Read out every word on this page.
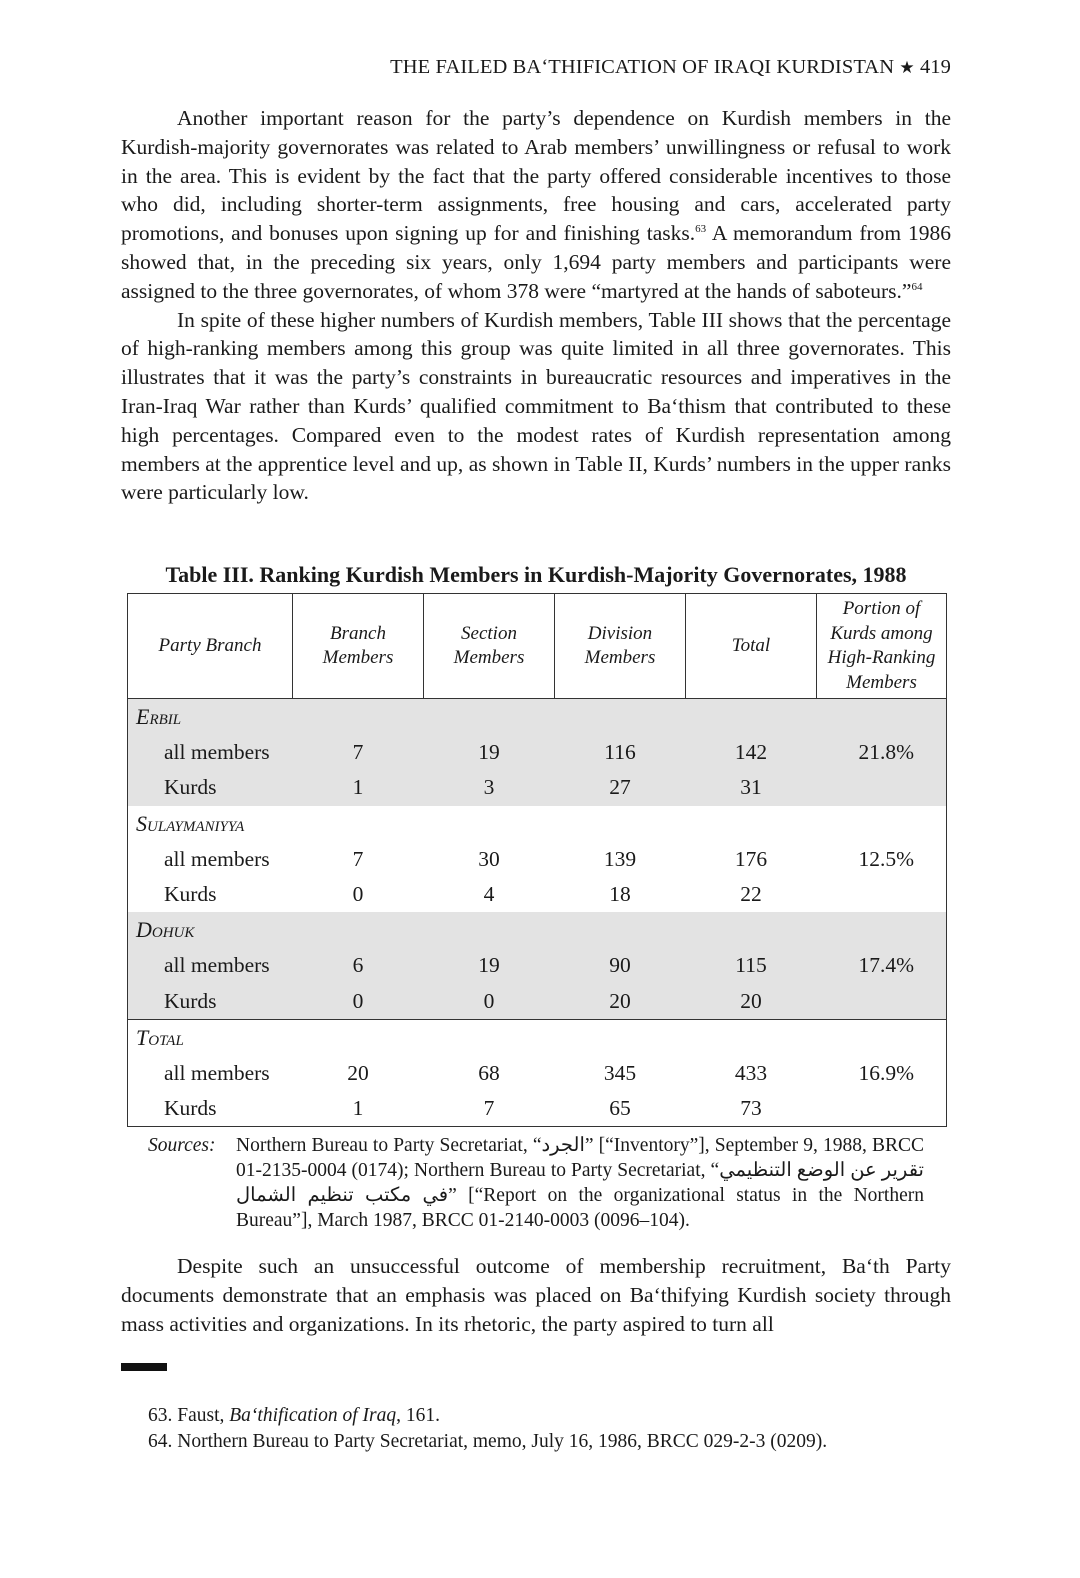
THE FAILED BA‘THIFICATION OF IRAQI KURDISTAN ★ 419

Another important reason for the party’s dependence on Kurdish members in the Kurdish-majority governorates was related to Arab members’ unwillingness or refusal to work in the area. This is evident by the fact that the party offered considerable incentives to those who did, including shorter-term assignments, free housing and cars, accelerated party promotions, and bonuses upon signing up for and finishing tasks.$^{63}$ A memorandum from 1986 showed that, in the preceding six years, only 1,694 party members and participants were assigned to the three governorates, of whom 378 were “martyred at the hands of saboteurs.”$^{64}$

In spite of these higher numbers of Kurdish members, Table III shows that the percentage of high-ranking members among this group was quite limited in all three governorates. This illustrates that it was the party’s constraints in bureaucratic resources and imperatives in the Iran-Iraq War rather than Kurds’ qualified commitment to Ba‘thism that contributed to these high percentages. Compared even to the modest rates of Kurdish representation among members at the apprentice level and up, as shown in Table II, Kurds’ numbers in the upper ranks were particularly low.

Table III. Ranking Kurdish Members in Kurdish-Majority Governorates, 1988
Party Branch	Branch Members	Section Members	Division Members	Total	Portion of Kurds among High-Ranking Members
Erbil					
all members	7	19	116	142	21.8%
Kurds	1	3	27	31	
Sulaymaniyya					
all members	7	30	139	176	12.5%
Kurds	0	4	18	22	
Dohuk					
all members	6	19	90	115	17.4%
Kurds	0	0	20	20	
Total					
all members	20	68	345	433	16.9%
Kurds	1	7	65	73	
Sources:	Northern Bureau to Party Secretariat, “الجرد” [“Inventory”], September 9, 1988, BRCC 01-2135-0004 (0174); Northern Bureau to Party Secretariat, “تقرير عن الوضع التنظيمي في مكتب تنظيم الشمال” [“Report on the organizational status in the Northern Bureau”], March 1987, BRCC 01-2140-0003 (0096–104).

Despite such an unsuccessful outcome of membership recruitment, Ba‘th Party documents demonstrate that an emphasis was placed on Ba‘thifying Kurdish society through mass activities and organizations. In its rhetoric, the party aspired to turn all

63. Faust, Ba‘thification of Iraq, 161.
64. Northern Bureau to Party Secretariat, memo, July 16, 1986, BRCC 029-2-3 (0209).
